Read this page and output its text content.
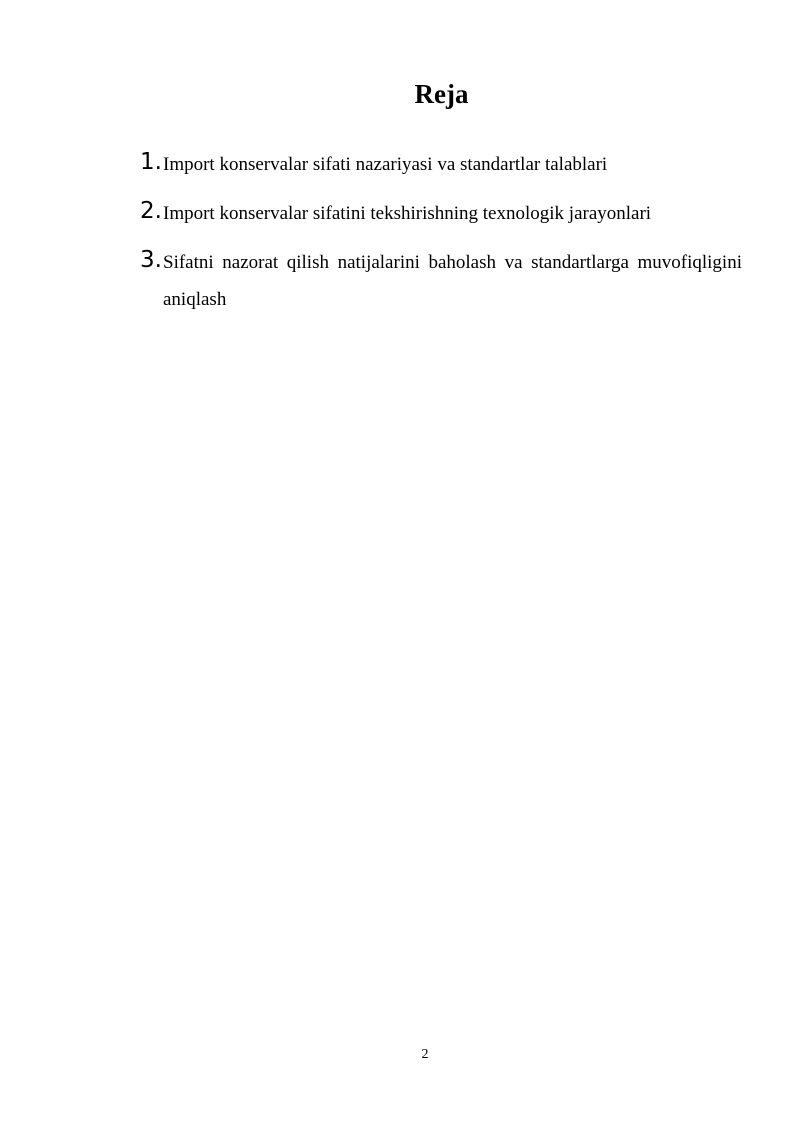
Reja
1. Import konservalar sifati nazariyasi va standartlar talablari
2. Import konservalar sifatini tekshirishning texnologik jarayonlari
3. Sifatni nazorat qilish natijalarini baholash va standartlarga muvofiqligini aniqlash
2
